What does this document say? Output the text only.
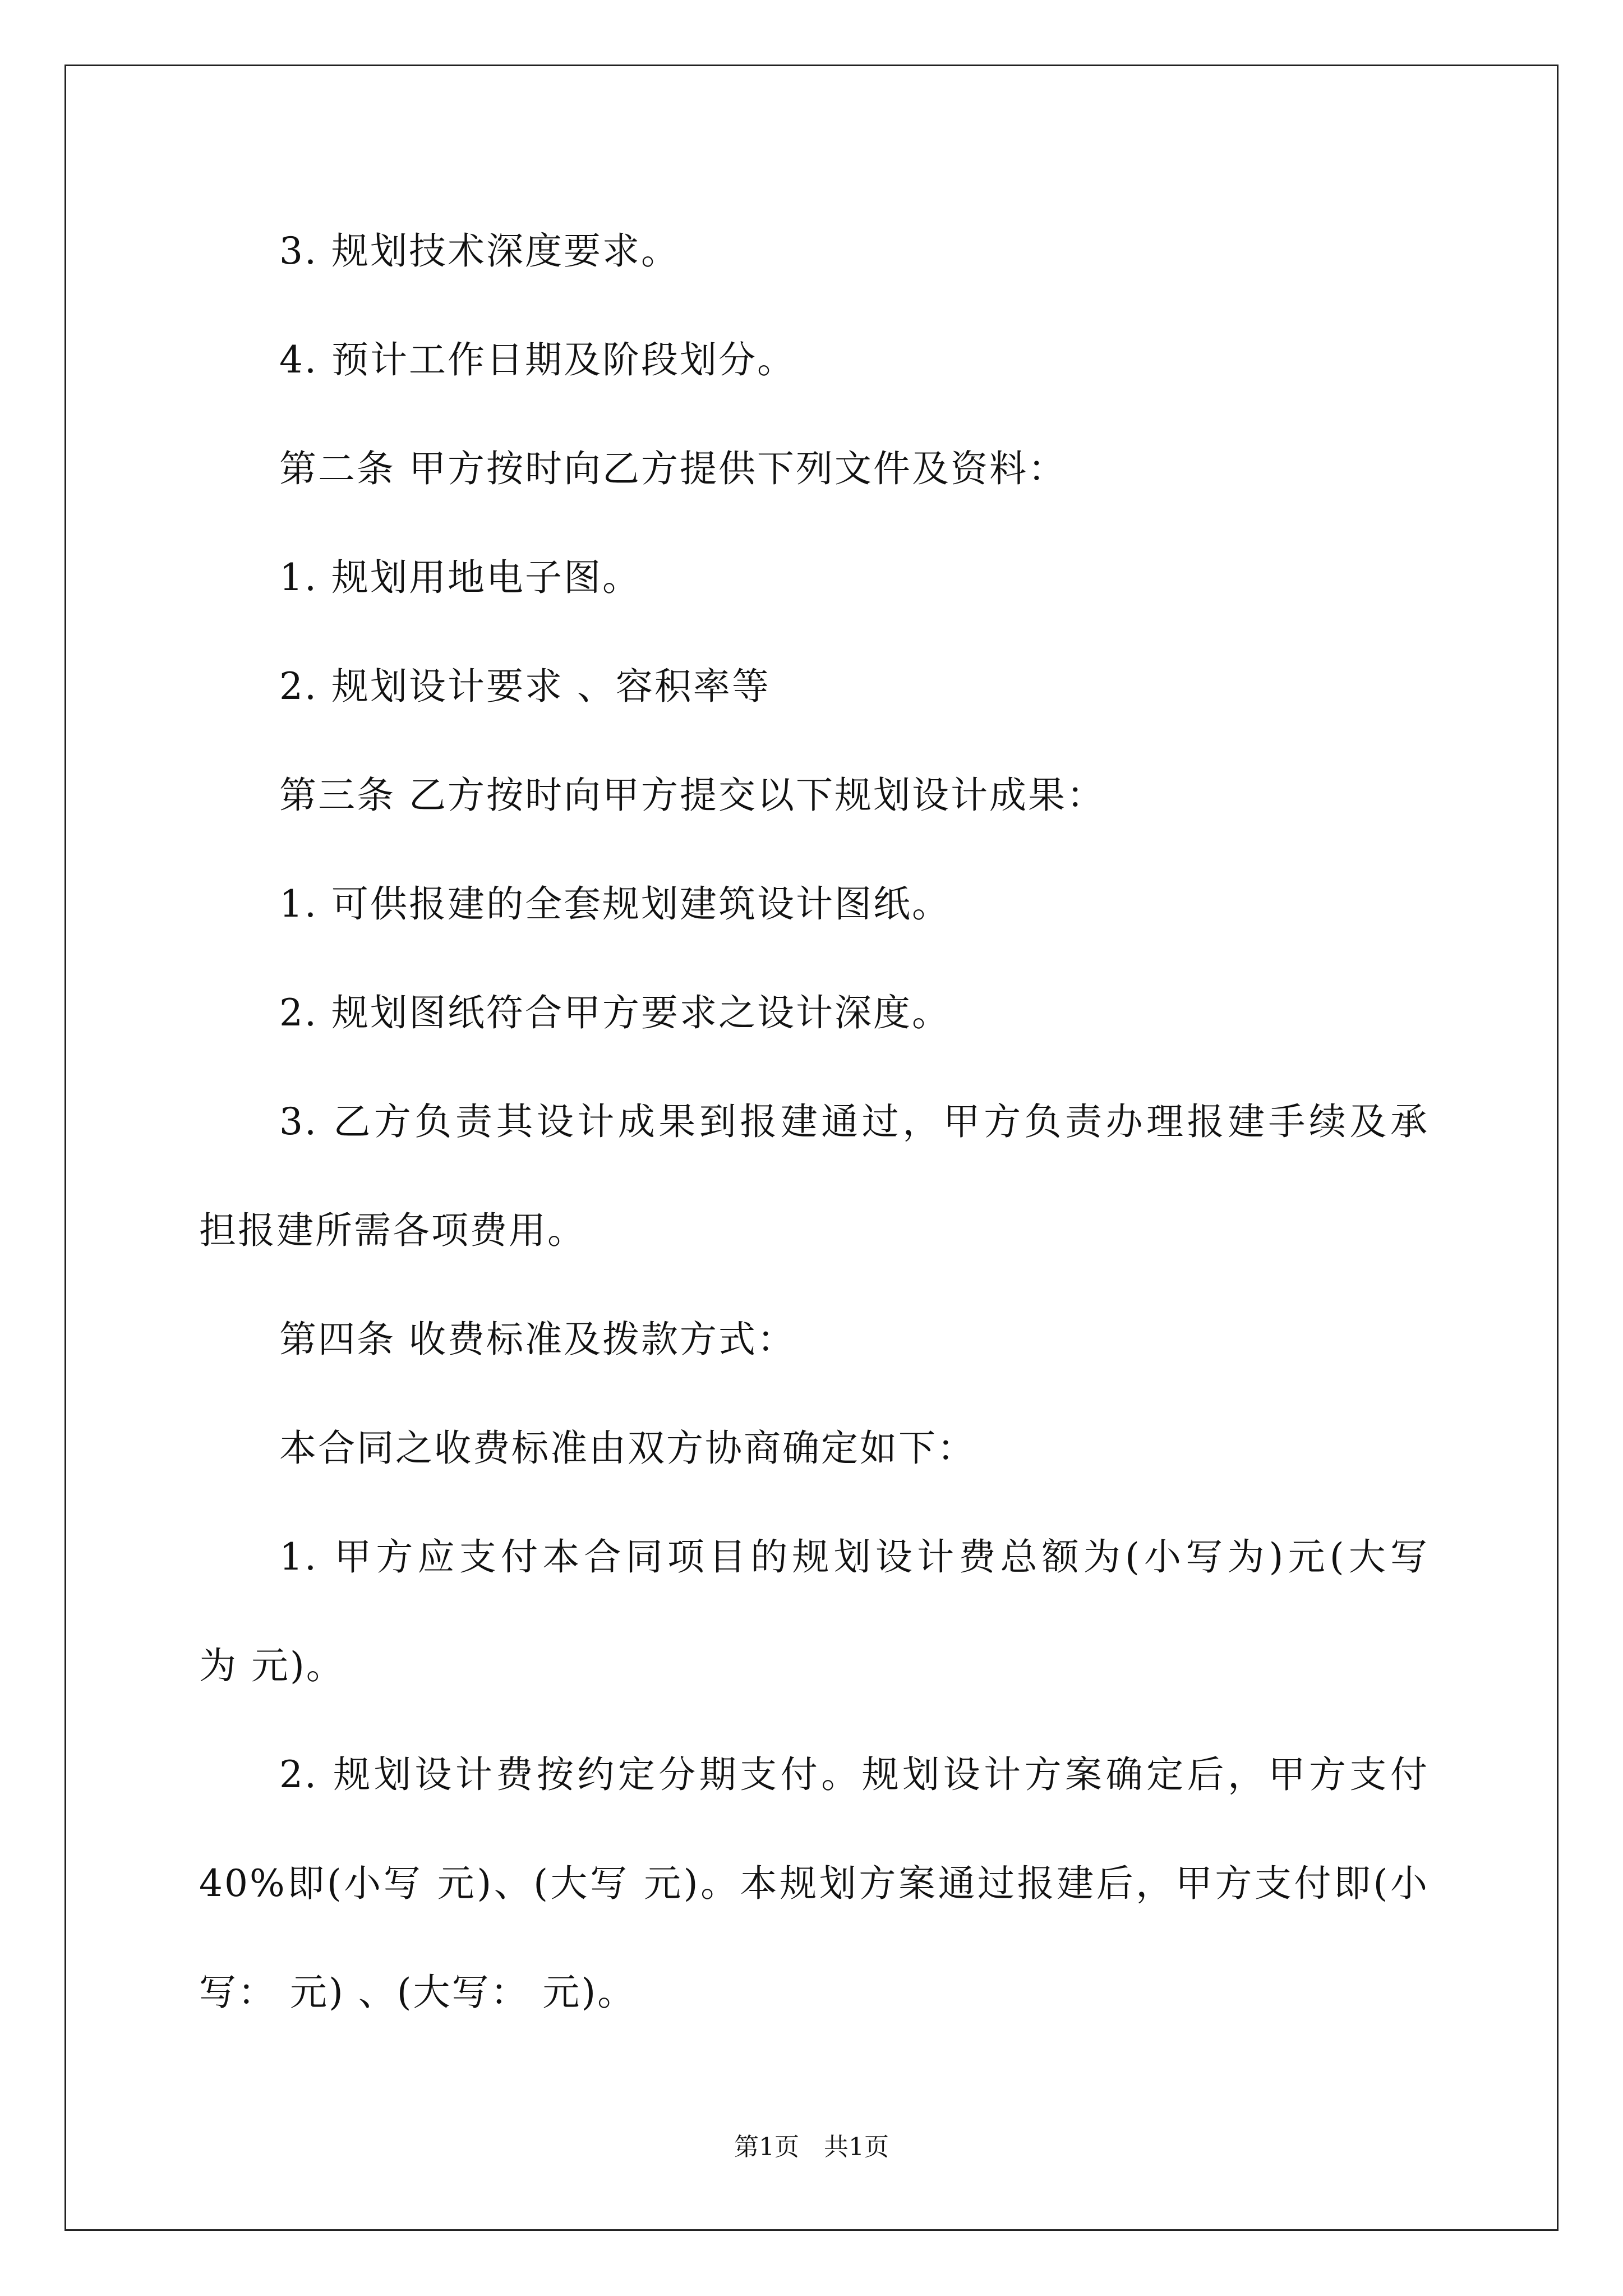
3. 规划技术深度要求。
4. 预计工作日期及阶段划分。
第二条 甲方按时向乙方提供下列文件及资料：
1. 规划用地电子图。
2. 规划设计要求 、容积率等
第三条 乙方按时向甲方提交以下规划设计成果：
1. 可供报建的全套规划建筑设计图纸。
2. 规划图纸符合甲方要求之设计深度。
3. 乙方负责其设计成果到报建通过，甲方负责办理报建手续及承
担报建所需各项费用。
第四条 收费标准及拨款方式：
本合同之收费标准由双方协商确定如下：
1. 甲方应支付本合同项目的规划设计费总额为(小写为)元(大写
为 元)。
2. 规划设计费按约定分期支付。规划设计方案确定后，甲方支付
40%即(小写 元)、(大写 元)。本规划方案通过报建后，甲方支付即(小
写： 元) 、(大写： 元)。
第1页　共1页
